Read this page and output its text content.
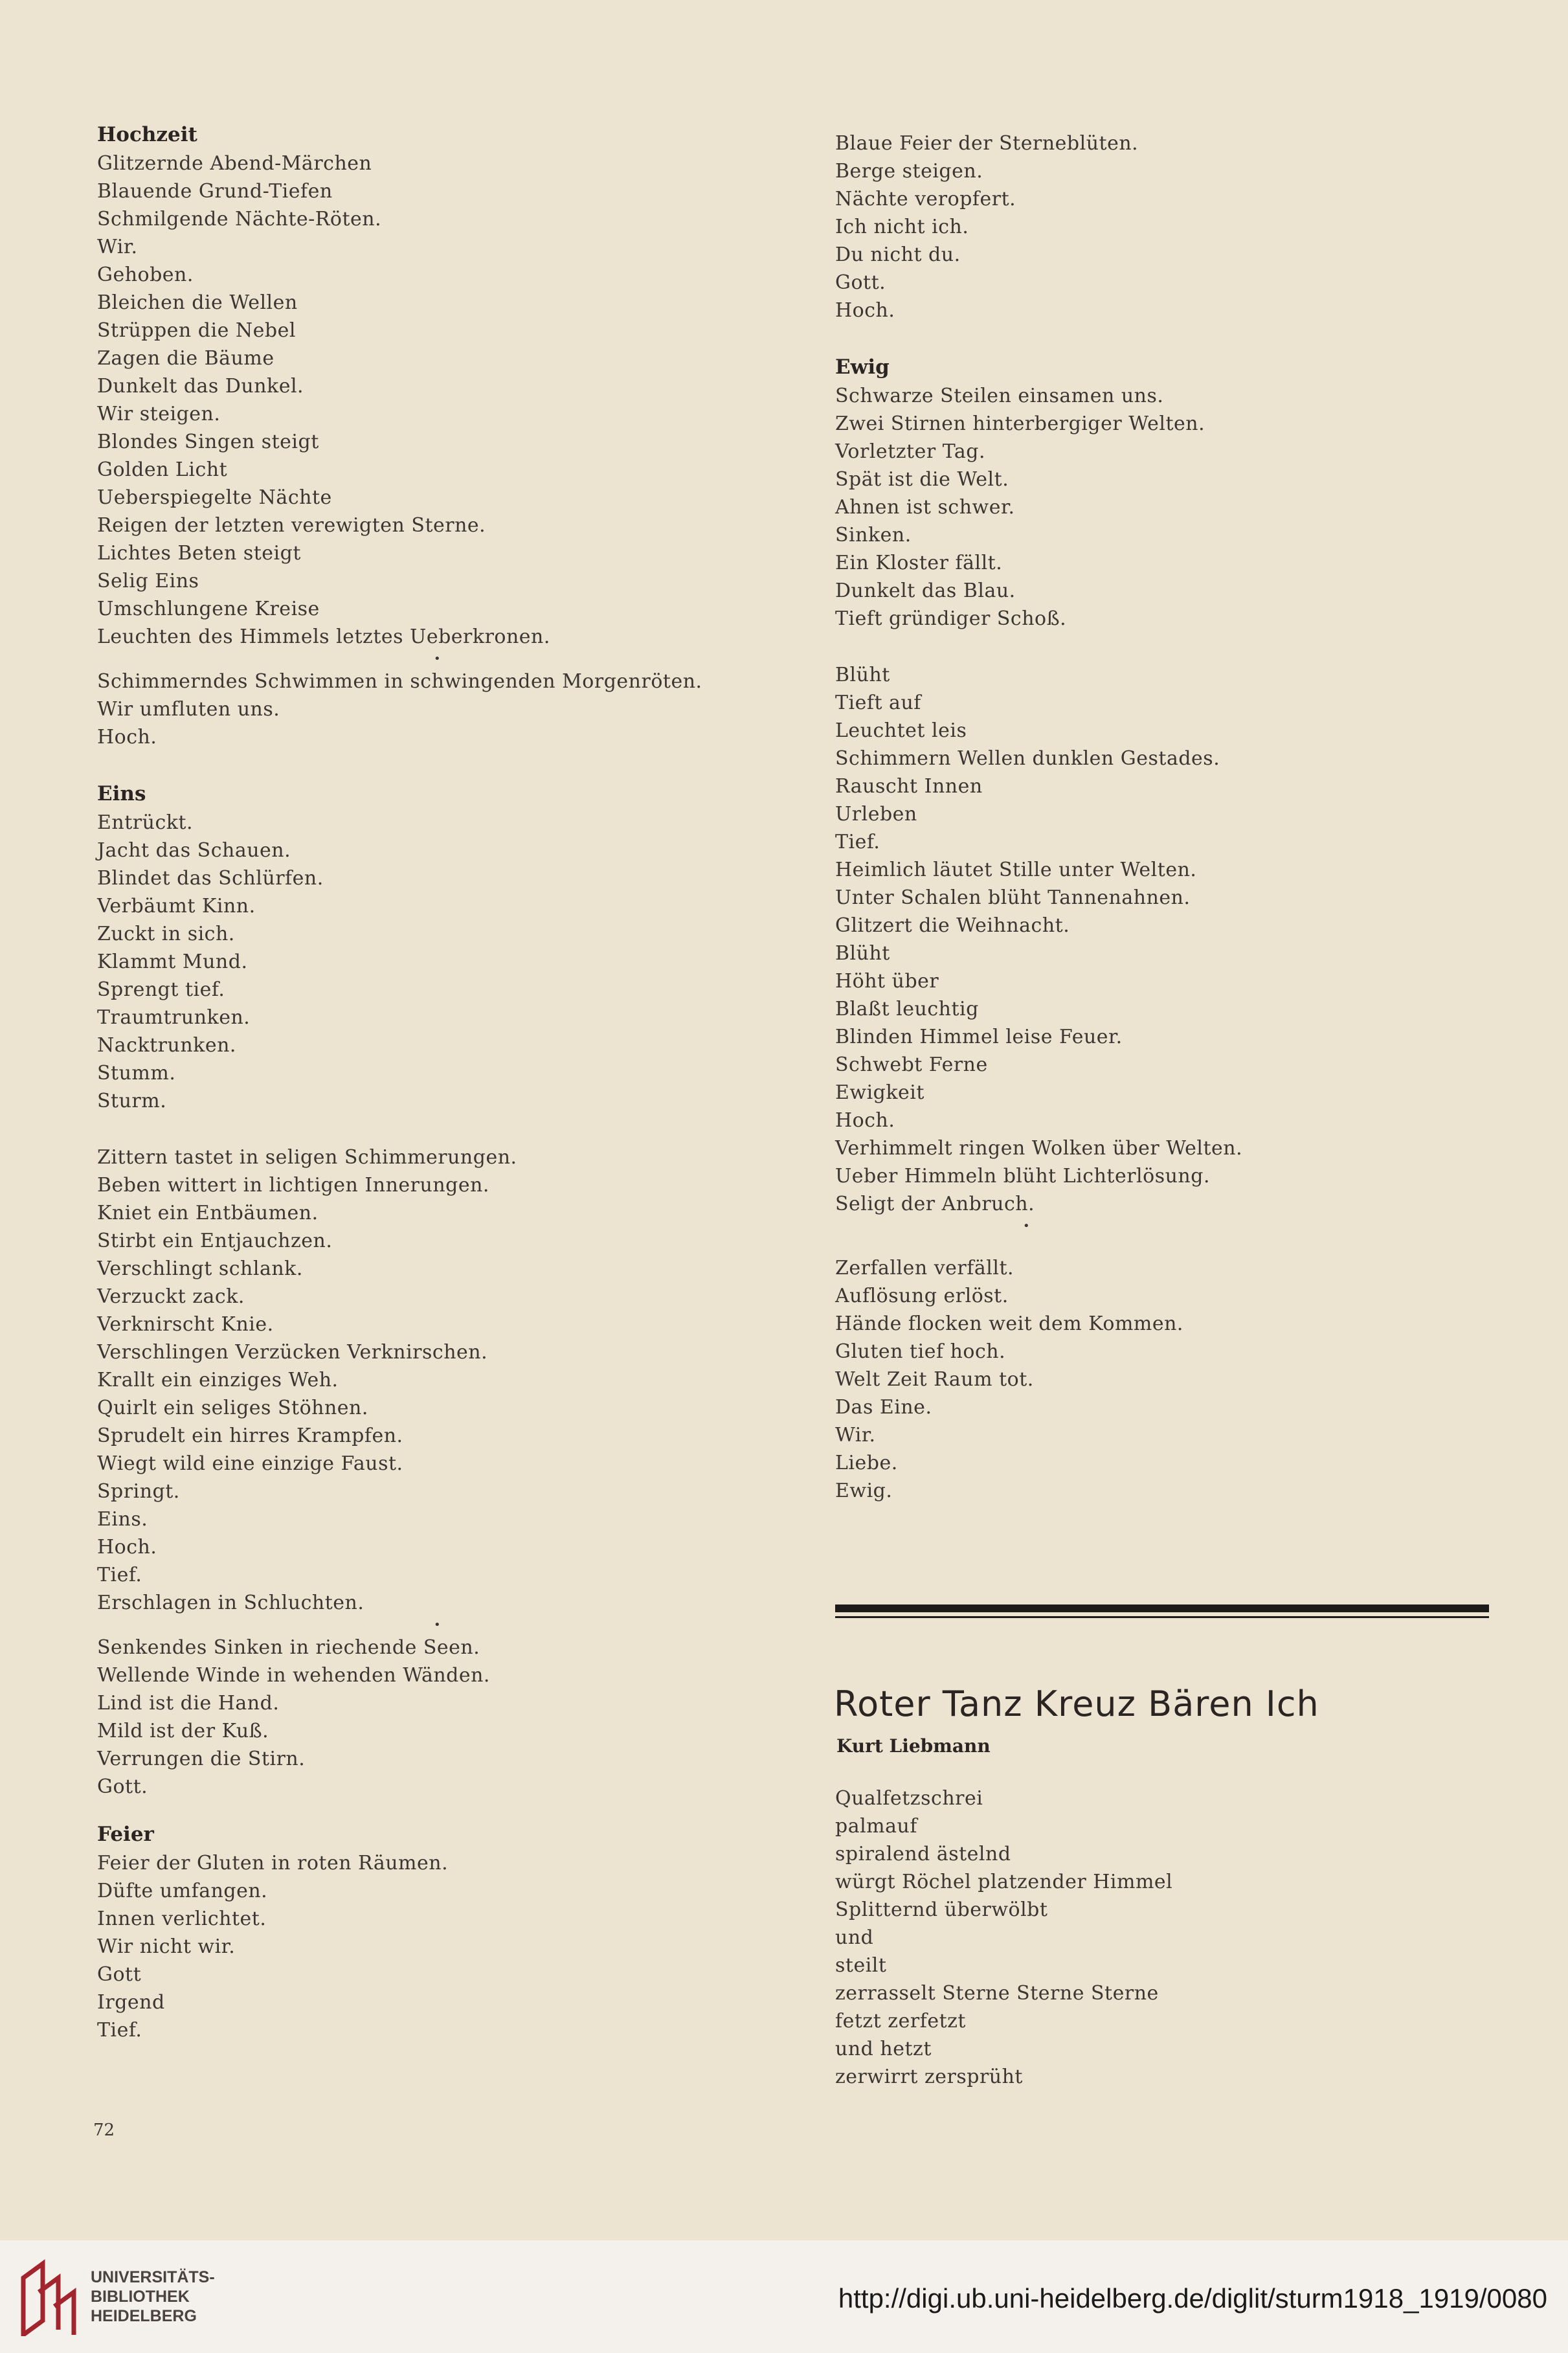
Hochzeit
Glitzernde Abend-Märchen
Blauende Grund-Tiefen
Schmilgende Nächte-Röten.
Wir.
Gehoben.
Bleichen die Wellen
Strüppen die Nebel
Zagen die Bäume
Dunkelt das Dunkel.
Wir steigen.
Blondes Singen steigt
Golden Licht
Ueberspiegelte Nächte
Reigen der letzten verewigten Sterne.
Lichtes Beten steigt
Selig Eins
Umschlungene Kreise
Leuchten des Himmels letztes Ueberkronen.
•
Schimmerndes Schwimmen in schwingenden Morgenröten.
Wir umfluten uns.
Hoch.
Eins
Entrückt.
Jacht das Schauen.
Blindet das Schlürfen.
Verbäumt Kinn.
Zuckt in sich.
Klammt Mund.
Sprengt tief.
Traumtrunken.
Nacktrunken.
Stumm.
Sturm.
Zittern tastet in seligen Schimmerungen.
Beben wittert in lichtigen Innerungen.
Kniet ein Entbäumen.
Stirbt ein Entjauchzen.
Verschlingt schlank.
Verzuckt zack.
Verknirscht Knie.
Verschlingen Verzücken Verknirschen.
Krallt ein einziges Weh.
Quirlt ein seliges Stöhnen.
Sprudelt ein hirres Krampfen.
Wiegt wild eine einzige Faust.
Springt.
Eins.
Hoch.
Tief.
Erschlagen in Schluchten.
•
Senkendes Sinken in riechende Seen.
Wellende Winde in wehenden Wänden.
Lind ist die Hand.
Mild ist der Kuß.
Verrungen die Stirn.
Gott.
Feier
Feier der Gluten in roten Räumen.
Düfte umfangen.
Innen verlichtet.
Wir nicht wir.
Gott
Irgend
Tief.
Blaue Feier der Sterneblüten.
Berge steigen.
Nächte veropfert.
Ich nicht ich.
Du nicht du.
Gott.
Hoch.
Ewig
Schwarze Steilen einsamen uns.
Zwei Stirnen hinterbergiger Welten.
Vorletzter Tag.
Spät ist die Welt.
Ahnen ist schwer.
Sinken.
Ein Kloster fällt.
Dunkelt das Blau.
Tieft gründiger Schoß.
Blüht
Tieft auf
Leuchtet leis
Schimmern Wellen dunklen Gestades.
Rauscht Innen
Urleben
Tief.
Heimlich läutet Stille unter Welten.
Unter Schalen blüht Tannenahnen.
Glitzert die Weihnacht.
Blüht
Höht über
Blaßt leuchtig
Blinden Himmel leise Feuer.
Schwebt Ferne
Ewigkeit
Hoch.
Verhimmelt ringen Wolken über Welten.
Ueber Himmeln blüht Lichterlösung.
Seligt der Anbruch.
•
Zerfallen verfällt.
Auflösung erlöst.
Hände flocken weit dem Kommen.
Gluten tief hoch.
Welt Zeit Raum tot.
Das Eine.
Wir.
Liebe.
Ewig.
Roter Tanz Kreuz Bären Ich
Kurt Liebmann
Qualfetzschrei
palmauf
spiralend ästelnd
würgt Röchel platzender Himmel
Splitternd überwölbt
und
steilt
zerrasselt Sterne Sterne Sterne
fetzt zerfetzt
und hetzt
zerwirrt zersprüht
72
UNIVERSITÄTS-
BIBLIOTHEK
HEIDELBERG
http://digi.ub.uni-heidelberg.de/diglit/sturm1918_1919/0080
